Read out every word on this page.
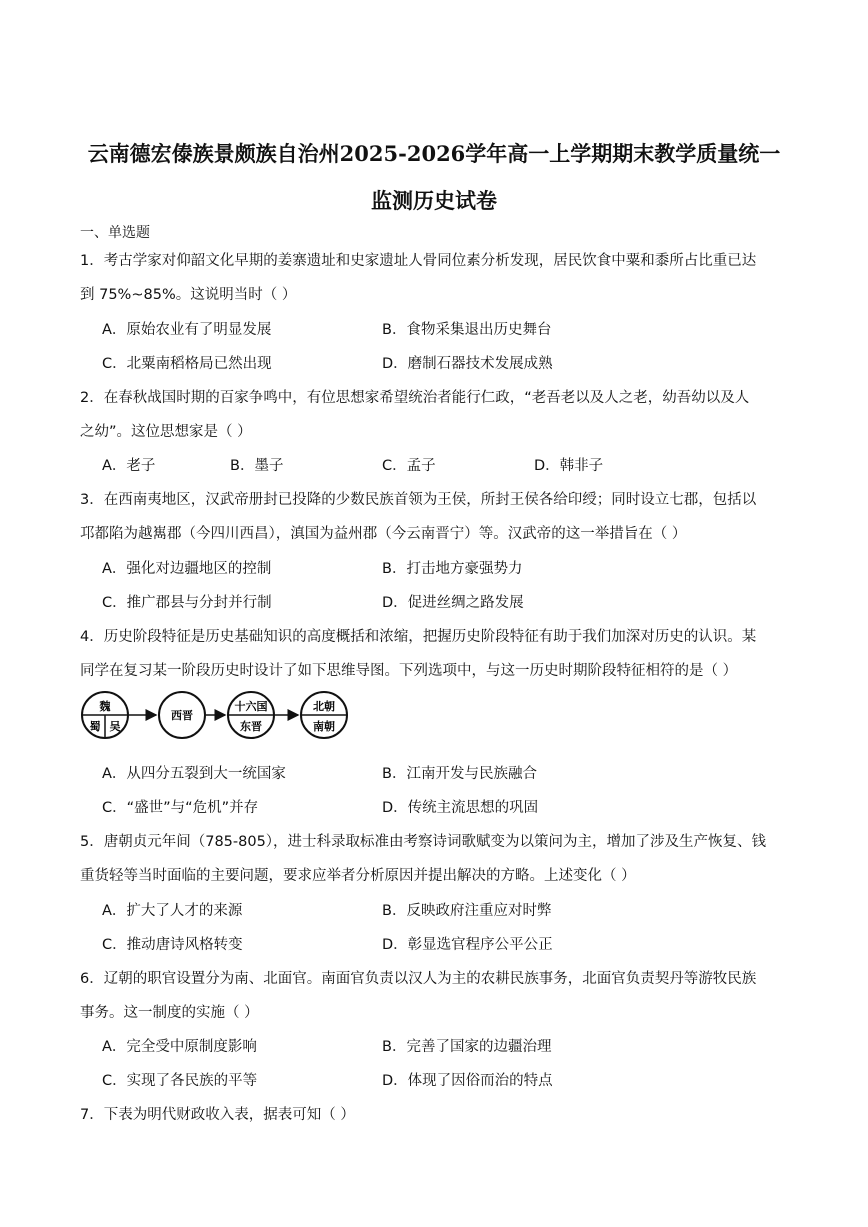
云南德宏傣族景颇族自治州2025-2026学年高一上学期期末教学质量统一
监测历史试卷
一、单选题
1．考古学家对仰韶文化早期的姜寨遗址和史家遗址人骨同位素分析发现，居民饮食中粟和黍所占比重已达
到 75%~85%。这说明当时（ ）
A．原始农业有了明显发展	B．食物采集退出历史舞台
C．北粟南稻格局已然出现	D．磨制石器技术发展成熟
2．在春秋战国时期的百家争鸣中，有位思想家希望统治者能行仁政，“老吾老以及人之老，幼吾幼以及人
之幼”。这位思想家是（ ）
A．老子	B．墨子	C．孟子	D．韩非子
3．在西南夷地区，汉武帝册封已投降的少数民族首领为王侯，所封王侯各给印绶；同时设立七郡，包括以
邛都陷为越嶲郡（今四川西昌），滇国为益州郡（今云南晋宁）等。汉武帝的这一举措旨在（ ）
A．强化对边疆地区的控制	B．打击地方豪强势力
C．推广郡县与分封并行制	D．促进丝绸之路发展
4．历史阶段特征是历史基础知识的高度概括和浓缩，把握历史阶段特征有助于我们加深对历史的认识。某
同学在复习某一阶段历史时设计了如下思维导图。下列选项中，与这一历史时期阶段特征相符的是（ ）
魏
蜀 吴
西晋
十六国
东晋
北朝
南朝
A．从四分五裂到大一统国家	B．江南开发与民族融合
C．“盛世”与“危机”并存	D．传统主流思想的巩固
5．唐朝贞元年间（785-805），进士科录取标准由考察诗词歌赋变为以策问为主，增加了涉及生产恢复、钱
重货轻等当时面临的主要问题，要求应举者分析原因并提出解决的方略。上述变化（ ）
A．扩大了人才的来源	B．反映政府注重应对时弊
C．推动唐诗风格转变	D．彰显选官程序公平公正
6．辽朝的职官设置分为南、北面官。南面官负责以汉人为主的农耕民族事务，北面官负责契丹等游牧民族
事务。这一制度的实施（ ）
A．完全受中原制度影响	B．完善了国家的边疆治理
C．实现了各民族的平等	D．体现了因俗而治的特点
7．下表为明代财政收入表，据表可知（ ）
